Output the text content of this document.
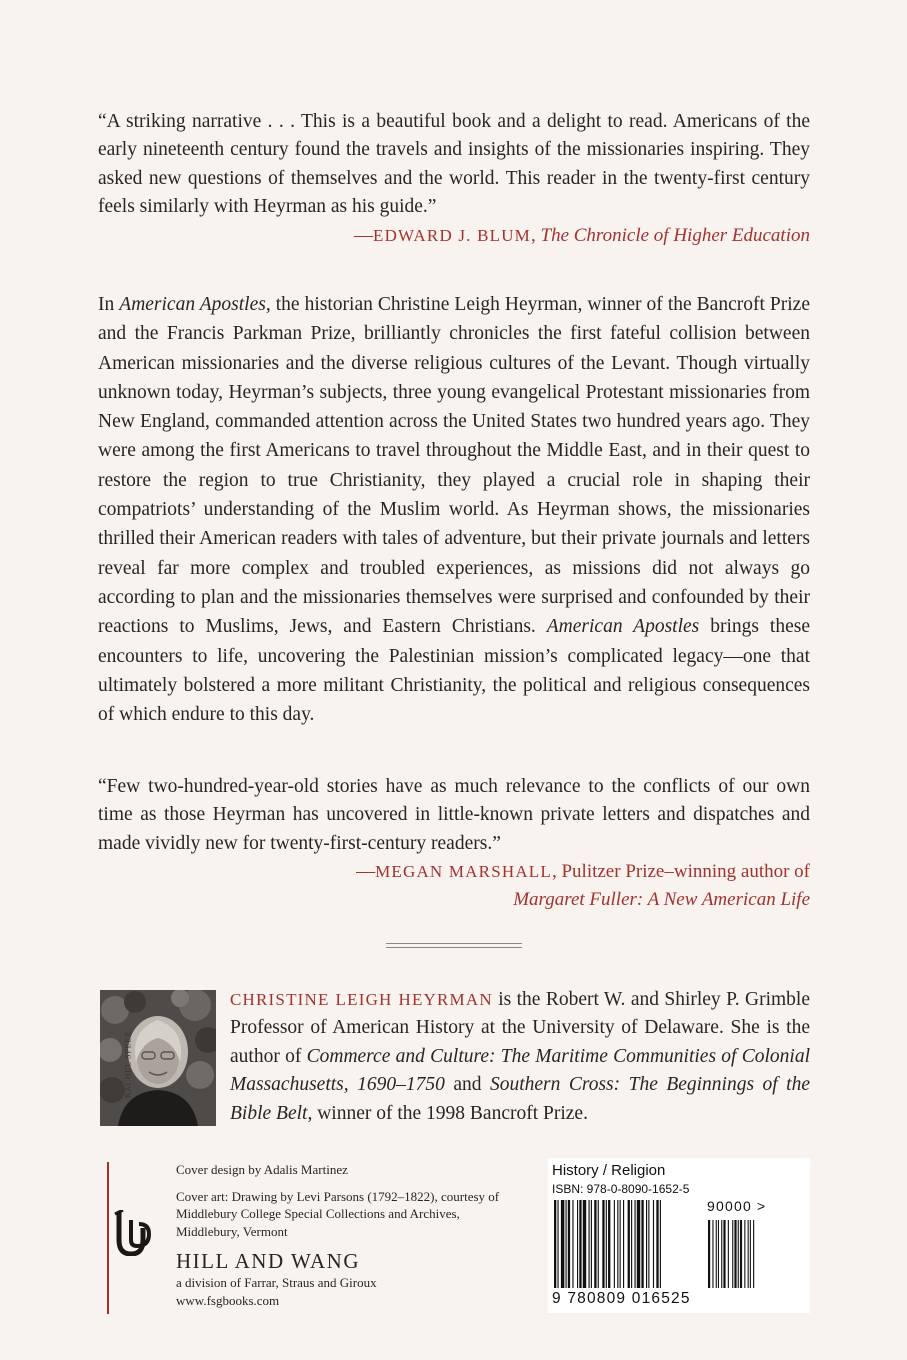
“A striking narrative . . . This is a beautiful book and a delight to read. Americans of the early nineteenth century found the travels and insights of the missionaries inspiring. They asked new questions of themselves and the world. This reader in the twenty-first century feels similarly with Heyrman as his guide.”

—EDWARD J. BLUM, The Chronicle of Higher Education

In American Apostles, the historian Christine Leigh Heyrman, winner of the Bancroft Prize and the Francis Parkman Prize, brilliantly chronicles the first fateful collision between American missionaries and the diverse religious cultures of the Levant. Though virtually unknown today, Heyrman’s subjects, three young evangelical Protestant missionaries from New England, commanded attention across the United States two hundred years ago. They were among the first Americans to travel throughout the Middle East, and in their quest to restore the region to true Christianity, they played a crucial role in shaping their compatriots’ understanding of the Muslim world. As Heyrman shows, the missionaries thrilled their American readers with tales of adventure, but their private journals and letters reveal far more complex and troubled experiences, as missions did not always go according to plan and the missionaries themselves were surprised and confounded by their reactions to Muslims, Jews, and Eastern Christians. American Apostles brings these encounters to life, uncovering the Palestinian mission’s complicated legacy—one that ultimately bolstered a more militant Christianity, the political and religious consequences of which endure to this day.

“Few two-hundred-year-old stories have as much relevance to the conflicts of our own time as those Heyrman has uncovered in little-known private letters and dispatches and made vividly new for twenty-first-century readers.”

—MEGAN MARSHALL, Pulitzer Prize–winning author of

Margaret Fuller: A New American Life

RACHEL SPEER

CHRISTINE LEIGH HEYRMAN is the Robert W. and Shirley P. Grimble Professor of American History at the University of Delaware. She is the author of Commerce and Culture: The Maritime Communities of Colonial Massachusetts, 1690–1750 and Southern Cross: The Beginnings of the Bible Belt, winner of the 1998 Bancroft Prize.

Cover design by Adalis Martinez

Cover art: Drawing by Levi Parsons (1792–1822), courtesy of Middlebury College Special Collections and Archives, Middlebury, Vermont

HILL AND WANG

a division of Farrar, Straus and Giroux

www.fsgbooks.com

History / Religion
ISBN: 978-0-8090-1652-5
90000 >
9 780809 016525
